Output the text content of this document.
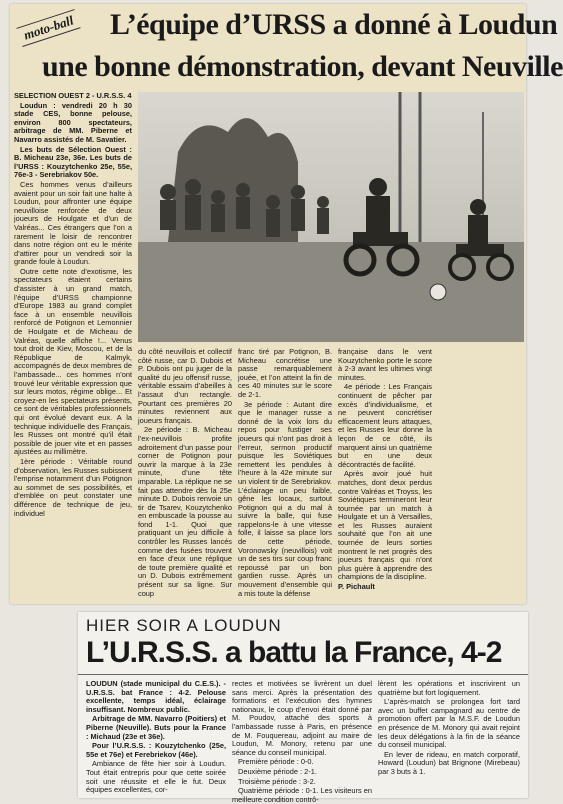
moto-ball L’équipe d’URSS a donné à Loudun
une bonne démonstration, devant Neuville

SELECTION OUEST 2 - U.R.S.S. 4

Loudun : vendredi 20 h 30 stade CES, bonne pelouse, environ 800 spectateurs, arbitrage de MM. Piberne et Navarro assistés de M. Savatier.

Les buts de Sélection Ouest : B. Micheau 23e, 36e. Les buts de l’URSS : Kouzytchenko 25e, 55e, 76e-3 - Serebriakov 50e.

Ces hommes venus d’ailleurs avaient pour un soir fait une halte à Loudun, pour affronter une équipe neuvilloise renforcée de deux joueurs de Houlgate et d’un de Valréas... Ces étrangers que l’on a rarement le loisir de rencontrer dans notre région ont eu le mérite d’attirer pour un vendredi soir la grande foule à Loudun.

Outre cette note d’exotisme, les spectateurs étaient certains d’assister à un grand match, l’équipe d’URSS championne d’Europe 1983 au grand complet face à un ensemble neuvillois renforcé de Potignon et Lemonnier de Houlgate et de Micheau de Valréas, quelle affiche !... Venus tout droit de Kiev, Moscou, et de la République de Kalmyk, accompagnés de deux membres de l’ambassade... ces hommes n’ont trouvé leur véritable expression que sur leurs motos, régime oblige... Et croyez-en les spectateurs présents, ce sont de véritables professionnels qui ont évolué devant eux. A la technique individuelle des Français, les Russes ont montré qu’il était possible de jouer vite et en passes ajustées au millimètre.

1ère période : Véritable round d’observation, les Russes subissent l’emprise notamment d’un Potignon au sommet de ses possibilités, et d’emblée on peut constater une différence de technique de jeu, individuel

du côté neuvillois et collectif côté russe, car D. Dubois et P. Dubois ont pu juger de la qualité du jeu offensif russe, véritable essaim d’abeilles à l’assaut d’un rectangle. Pourtant ces premières 20 minutes reviennent aux joueurs français.

2e période : B. Micheau l’ex-neuvillois profite adroitement d’un passe pour corner de Potignon pour ouvrir la marque à la 23e minute, d’une tête imparable. La réplique ne se fait pas attendre dès la 25e minute D. Dubois renvoie un tir de Tsarev, Kouzytchenko en embuscade la pousse au fond 1-1. Quoi que pratiquant un jeu difficile à contrôler les Russes lancés comme des fusées trouvent en face d’eux une réplique de toute première qualité et un D. Dubois extrêmement présent sur sa ligne. Sur coup

franc tiré par Potignon, B. Micheau concrétise une passe remarquablement jouée, et l’on atteint la fin de ces 40 minutes sur le score de 2-1.

3e période : Autant dire que le manager russe a donné de la voix lors du repos pour fustiger ses joueurs qui n’ont pas droit à l’erreur, sermon productif puisque les Soviétiques remettent les pendules à l’heure à la 42e minute sur un violent tir de Serebriakov. L’éclairage un peu faible, gêne les locaux, surtout Potignon qui a du mal à suivre la balle, qui fuse rappelons-le à une vitesse folle, il laisse sa place lors de cette période, Voronowsky (neuvillois) voit un de ses tirs sur coup franc repoussé par un bon gardien russe. Après un mouvement d’ensemble qui a mis toute la défense

française dans le vent Kouzytchenko porte le score à 2-3 avant les ultimes vingt minutes.

4e période : Les Français continuent de pêcher par excès d’individualisme, et ne peuvent concrétiser efficacement leurs attaques, et les Russes leur donne la leçon de ce côté, ils marquent ainsi un quatrième but en une deux décontractés de facilité.

Après avoir joué huit matches, dont deux perdus contre Valréas et Troyss, les Soviétiques termineront leur tournée par un match à Houlgate et un à Versailles, et les Russes auraient souhaité que l’on ait une tournée de leurs sorties montrent le net progrès des joueurs français qui n’ont plus guère à apprendre des champions de la discipline.

P. Pichault

HIER SOIR A LOUDUN
L’U.R.S.S. a battu la France, 4-2

LOUDUN (stade municipal du C.E.S.). - U.R.S.S. bat France : 4-2. Pelouse excellente, temps idéal, éclairage insuffisant. Nombreux public.

Arbitrage de MM. Navarro (Poitiers) et Piberne (Neuville). Buts pour la France : Michaud (23e et 36e).

Pour l’U.R.S.S. : Kouzytchenko (25e, 55e et 76e) et Ferebriekov (46e).

Ambiance de fête hier soir à Loudun. Tout était entrepris pour que cette soirée soit une réussite et elle le fut. Deux équipes excellentes, cor-

rectes et motivées se livrèrent un duel sans merci. Après la présentation des formations et l’exécution des hymnes nationaux, le coup d’envoi était donné par M. Poudov, attaché des sports à l’ambassade russe à Paris, en présence de M. Fouquereau, adjoint au maire de Loudun, M. Monory, retenu par une séance du conseil municipal.

Première période : 0-0.

Deuxième période : 2-1.

Troisième période : 3-2.

Quatrième période : 0-1. Les visiteurs en meilleure condition contrô-

lèrent les opérations et inscrivirent un quatrième but fort logiquement.

L’après-match se prolongea fort tard avec un buffet campagnard au centre de promotion offert par la M.S.F. de Loudun en présence de M. Monory qui avait rejoint les deux délégations à la fin de la séance du conseil municipal.

En lever de rideau, en match corporatif, Howard (Loudun) bat Brignone (Mirebeau) par 3 buts à 1.
